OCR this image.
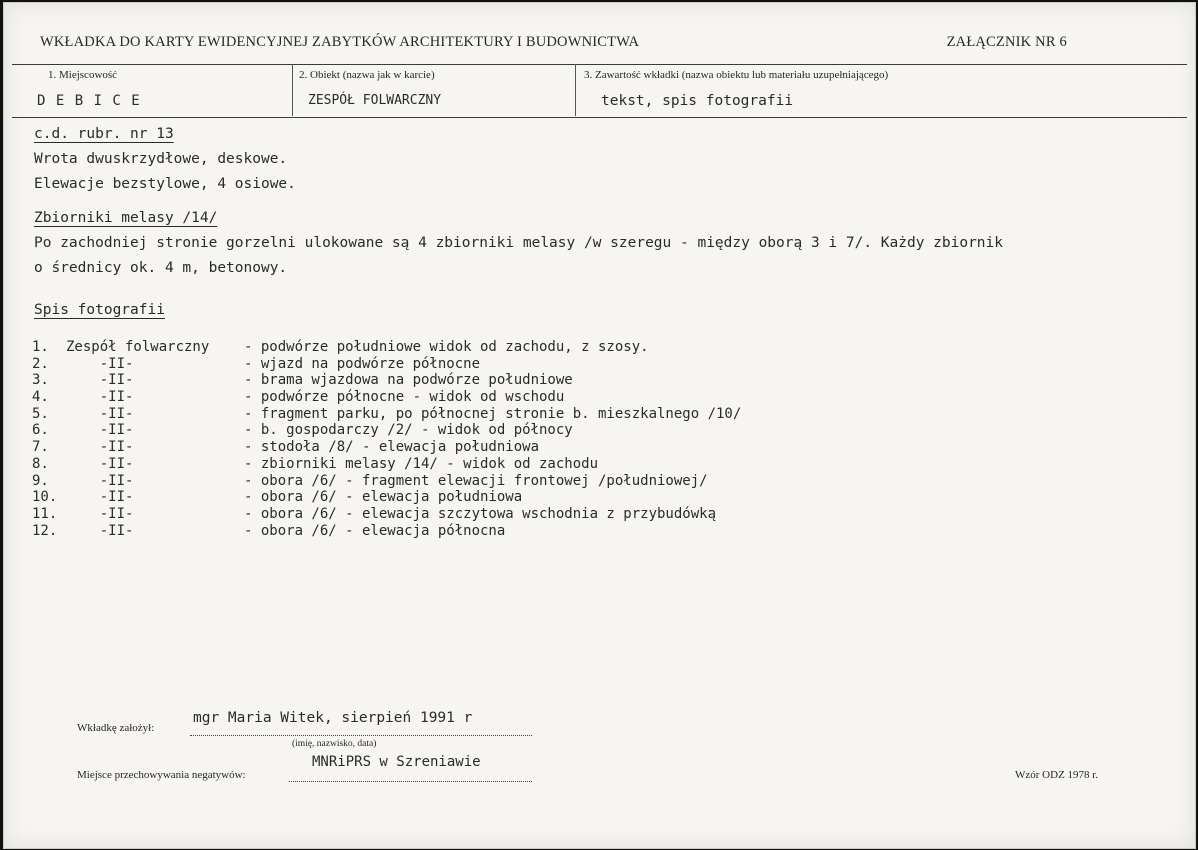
WKŁADKA DO KARTY EWIDENCYJNEJ ZABYTKÓW ARCHITEKTURY I BUDOWNICTWA	ZAŁĄCZNIK NR 6
1. Miejscowość
D E B I C E
2. Obiekt (nazwa jak w karcie)
ZESPÓŁ FOLWARCZNY
3. Zawartość wkładki (nazwa obiektu lub materiału uzupełniającego)
tekst, spis fotografii
c.d. rubr. nr 13
Wrota dwuskrzydłowe, deskowe.
Elewacje bezstylowe, 4 osiowe.
Zbiorniki melasy /14/
Po zachodniej stronie gorzelni ulokowane są 4 zbiorniki melasy /w szeregu - między oborą 3 i 7/. Każdy zbiornik
o średnicy ok. 4 m, betonowy.
Spis fotografii
1.	Zespół folwarczny - podwórze południowe widok od zachodu, z szosy.
2.	-II-	- wjazd na podwórze północne
3.	-II-	- brama wjazdowa na podwórze południowe
4.	-II-	- podwórze północne - widok od wschodu
5.	-II-	- fragment parku, po północnej stronie b. mieszkalnego /10/
6.	-II-	- b. gospodarczy /2/ - widok od północy
7.	-II-	- stodoła /8/ - elewacja południowa
8.	-II-	- zbiorniki melasy /14/ - widok od zachodu
9.	-II-	- obora /6/ - fragment elewacji frontowej /południowej/
10. -II-	- obora /6/ - elewacja południowa
11. -II-	- obora /6/ - elewacja szczytowa wschodnia z przybudówką
12. -II-	- obora /6/ - elewacja północna
Wkładkę założył:
mgr Maria Witek, sierpień 1991 r
(imię, nazwisko, data)
Miejsce przechowywania negatywów:
MNRiPRS w Szreniawie
Wzór ODZ 1978 r.
